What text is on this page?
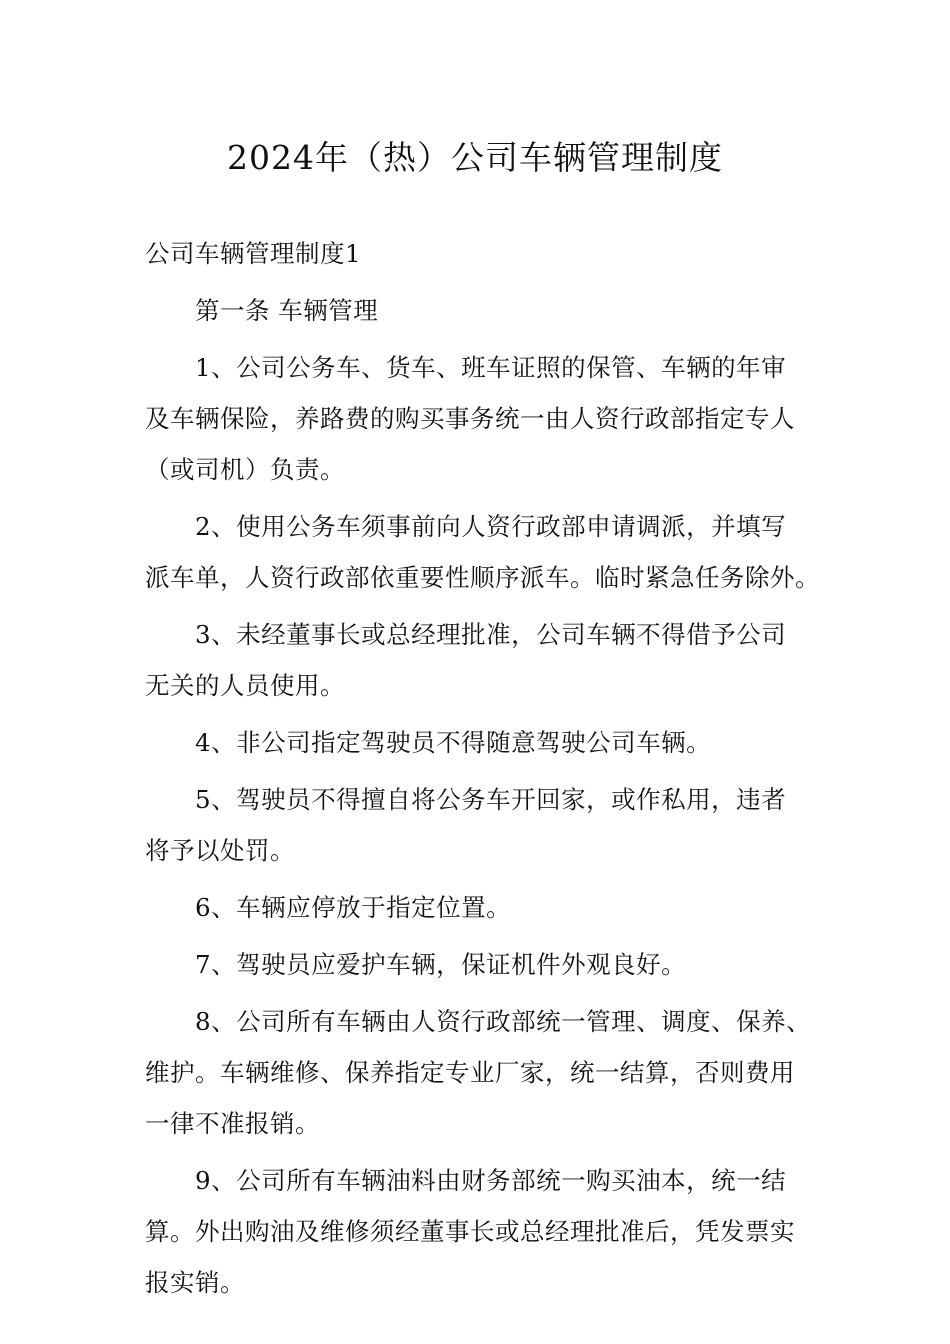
2024年（热）公司车辆管理制度

公司车辆管理制度1

第一条 车辆管理

1、公司公务车、货车、班车证照的保管、车辆的年审
及车辆保险，养路费的购买事务统一由人资行政部指定专人
（或司机）负责。
2、使用公务车须事前向人资行政部申请调派，并填写
派车单，人资行政部依重要性顺序派车。临时紧急任务除外。
3、未经董事长或总经理批准，公司车辆不得借予公司
无关的人员使用。
4、非公司指定驾驶员不得随意驾驶公司车辆。
5、驾驶员不得擅自将公务车开回家，或作私用，违者
将予以处罚。
6、车辆应停放于指定位置。
7、驾驶员应爱护车辆，保证机件外观良好。
8、公司所有车辆由人资行政部统一管理、调度、保养、
维护。车辆维修、保养指定专业厂家，统一结算，否则费用
一律不准报销。
9、公司所有车辆油料由财务部统一购买油本，统一结
算。外出购油及维修须经董事长或总经理批准后，凭发票实
报实销。
